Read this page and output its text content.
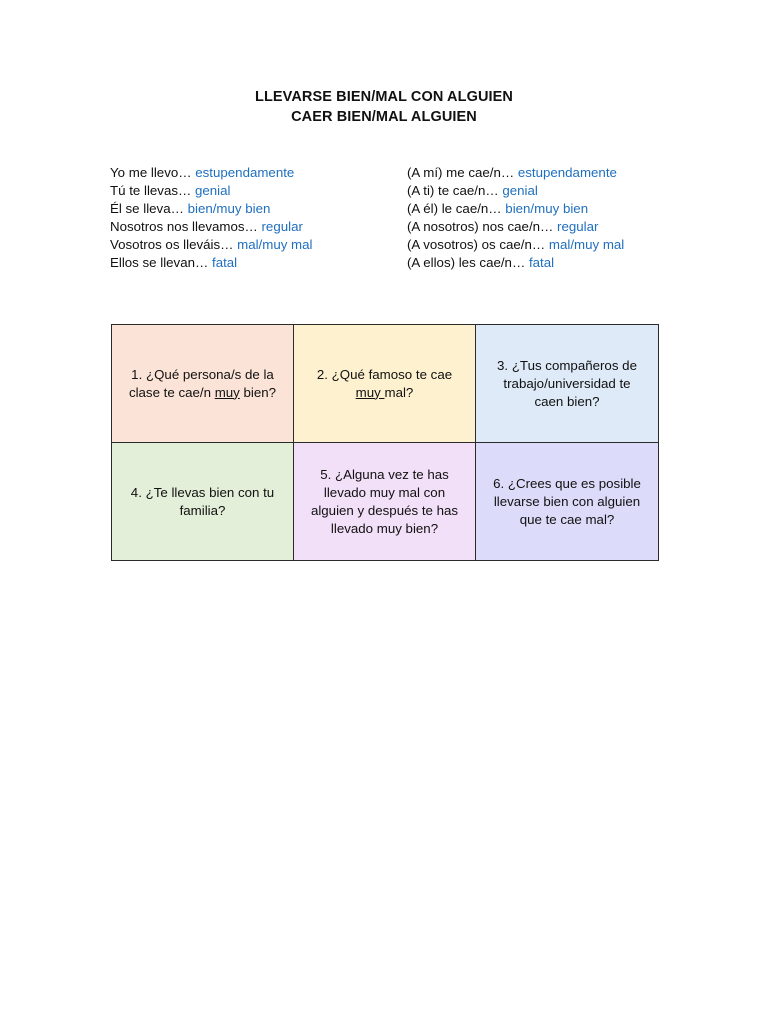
LLEVARSE BIEN/MAL CON ALGUIEN
CAER BIEN/MAL ALGUIEN
Yo me llevo… estupendamente
Tú te llevas… genial
Él se lleva… bien/muy bien
Nosotros nos llevamos… regular
Vosotros os lleváis… mal/muy mal
Ellos se llevan… fatal
(A mí) me cae/n… estupendamente
(A ti) te cae/n… genial
(A él) le cae/n… bien/muy bien
(A nosotros) nos cae/n… regular
(A vosotros) os cae/n… mal/muy mal
(A ellos) les cae/n… fatal
1. ¿Qué persona/s de la clase te cae/n muy bien?
2. ¿Qué famoso te cae muy mal?
3. ¿Tus compañeros de trabajo/universidad te caen bien?
4. ¿Te llevas bien con tu familia?
5. ¿Alguna vez te has llevado muy mal con alguien y después te has llevado muy bien?
6. ¿Crees que es posible llevarse bien con alguien que te cae mal?
